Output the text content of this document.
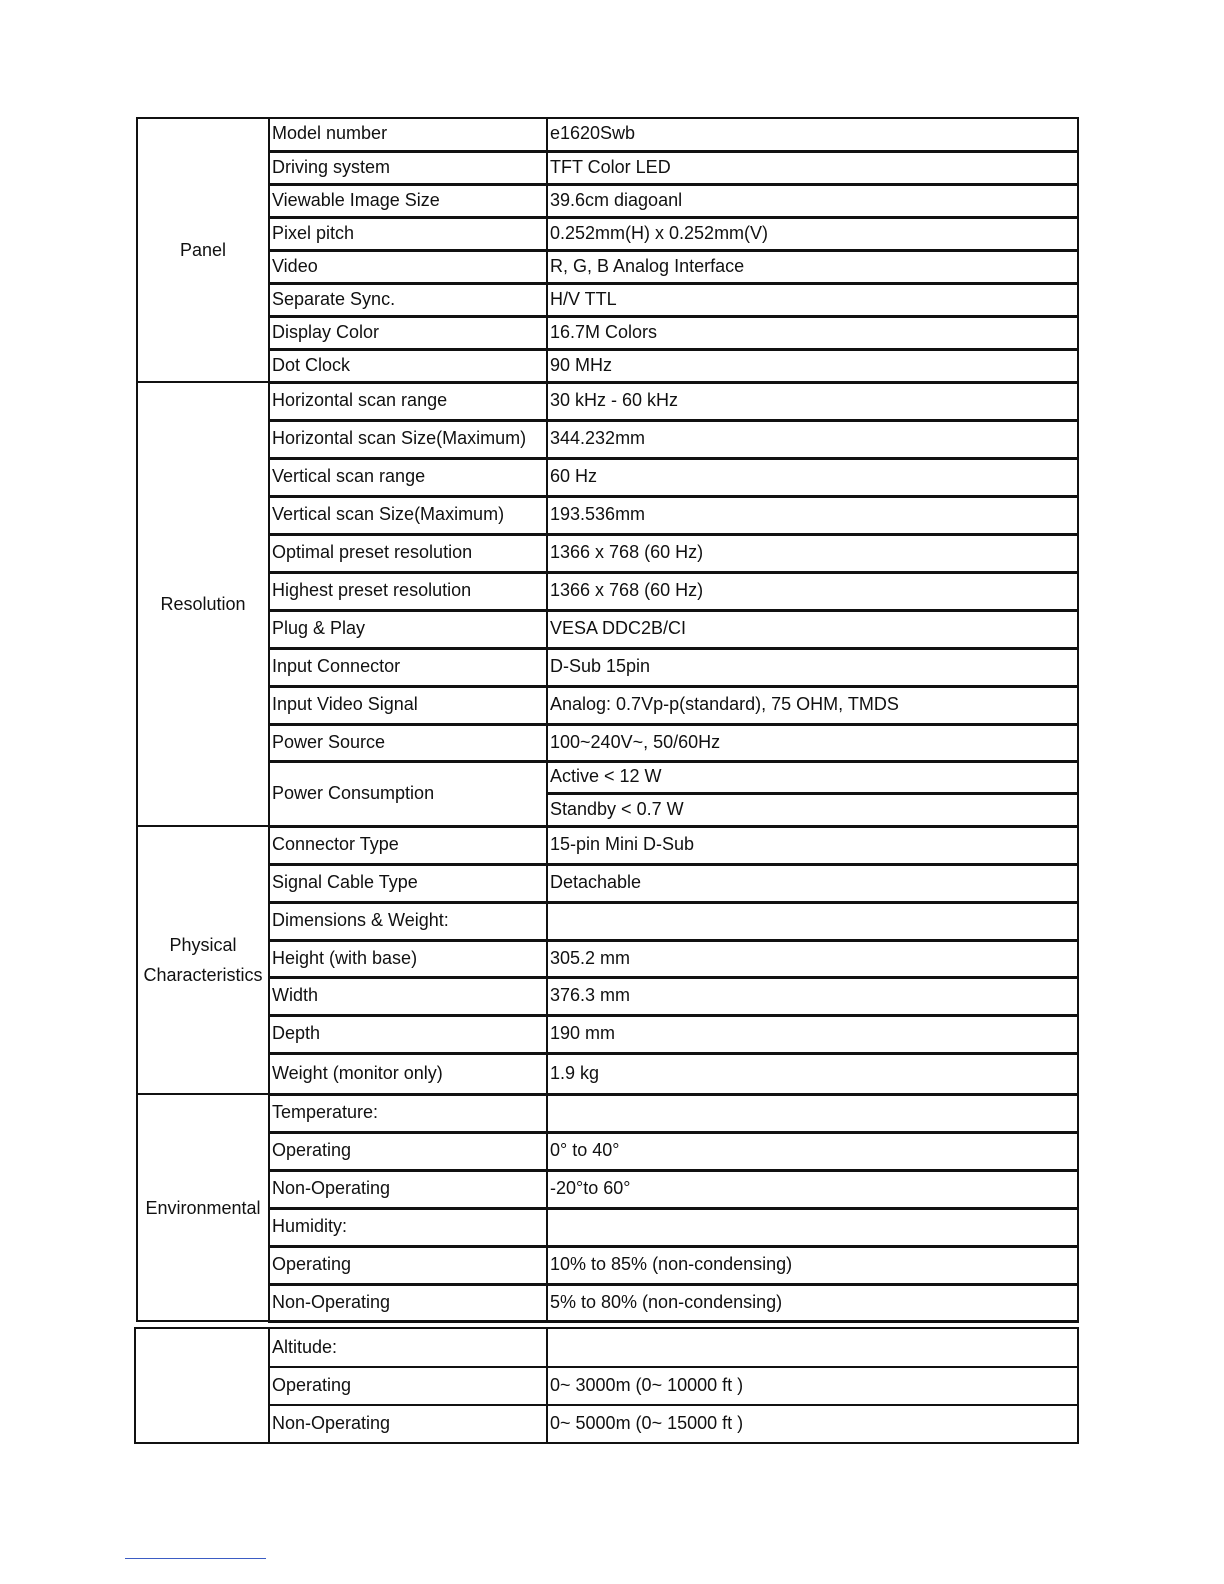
Panel	Model number	e1620Swb
	Driving system	TFT Color LED
	Viewable Image Size	39.6cm diagoanl
	Pixel pitch	0.252mm(H) x 0.252mm(V)
	Video	R, G, B Analog Interface
	Separate Sync.	H/V TTL
	Display Color	16.7M Colors
	Dot Clock	90 MHz
Resolution	Horizontal scan range	30 kHz - 60 kHz
	Horizontal scan Size(Maximum)	344.232mm
	Vertical scan range	60 Hz
	Vertical scan Size(Maximum)	193.536mm
	Optimal preset resolution	1366 x 768 (60 Hz)
	Highest preset resolution	1366 x 768 (60 Hz)
	Plug & Play	VESA DDC2B/CI
	Input Connector	D-Sub 15pin
	Input Video Signal	Analog: 0.7Vp-p(standard), 75 OHM, TMDS
	Power Source	100~240V~, 50/60Hz
	Power Consumption	Active < 12 W
		Standby < 0.7 W
Physical
Characteristics	Connector Type	15-pin Mini D-Sub
	Signal Cable Type	Detachable
	Dimensions & Weight:	
	Height (with base)	305.2 mm
	Width	376.3 mm
	Depth	190 mm
	Weight (monitor only)	1.9 kg
Environmental	Temperature:	
	Operating	0° to 40°
	Non-Operating	-20°to 60°
	Humidity:	
	Operating	10% to 85% (non-condensing)
	Non-Operating	5% to 80% (non-condensing)
	Altitude:	
	Operating	0~ 3000m (0~ 10000 ft )
	Non-Operating	0~ 5000m (0~ 15000 ft )
